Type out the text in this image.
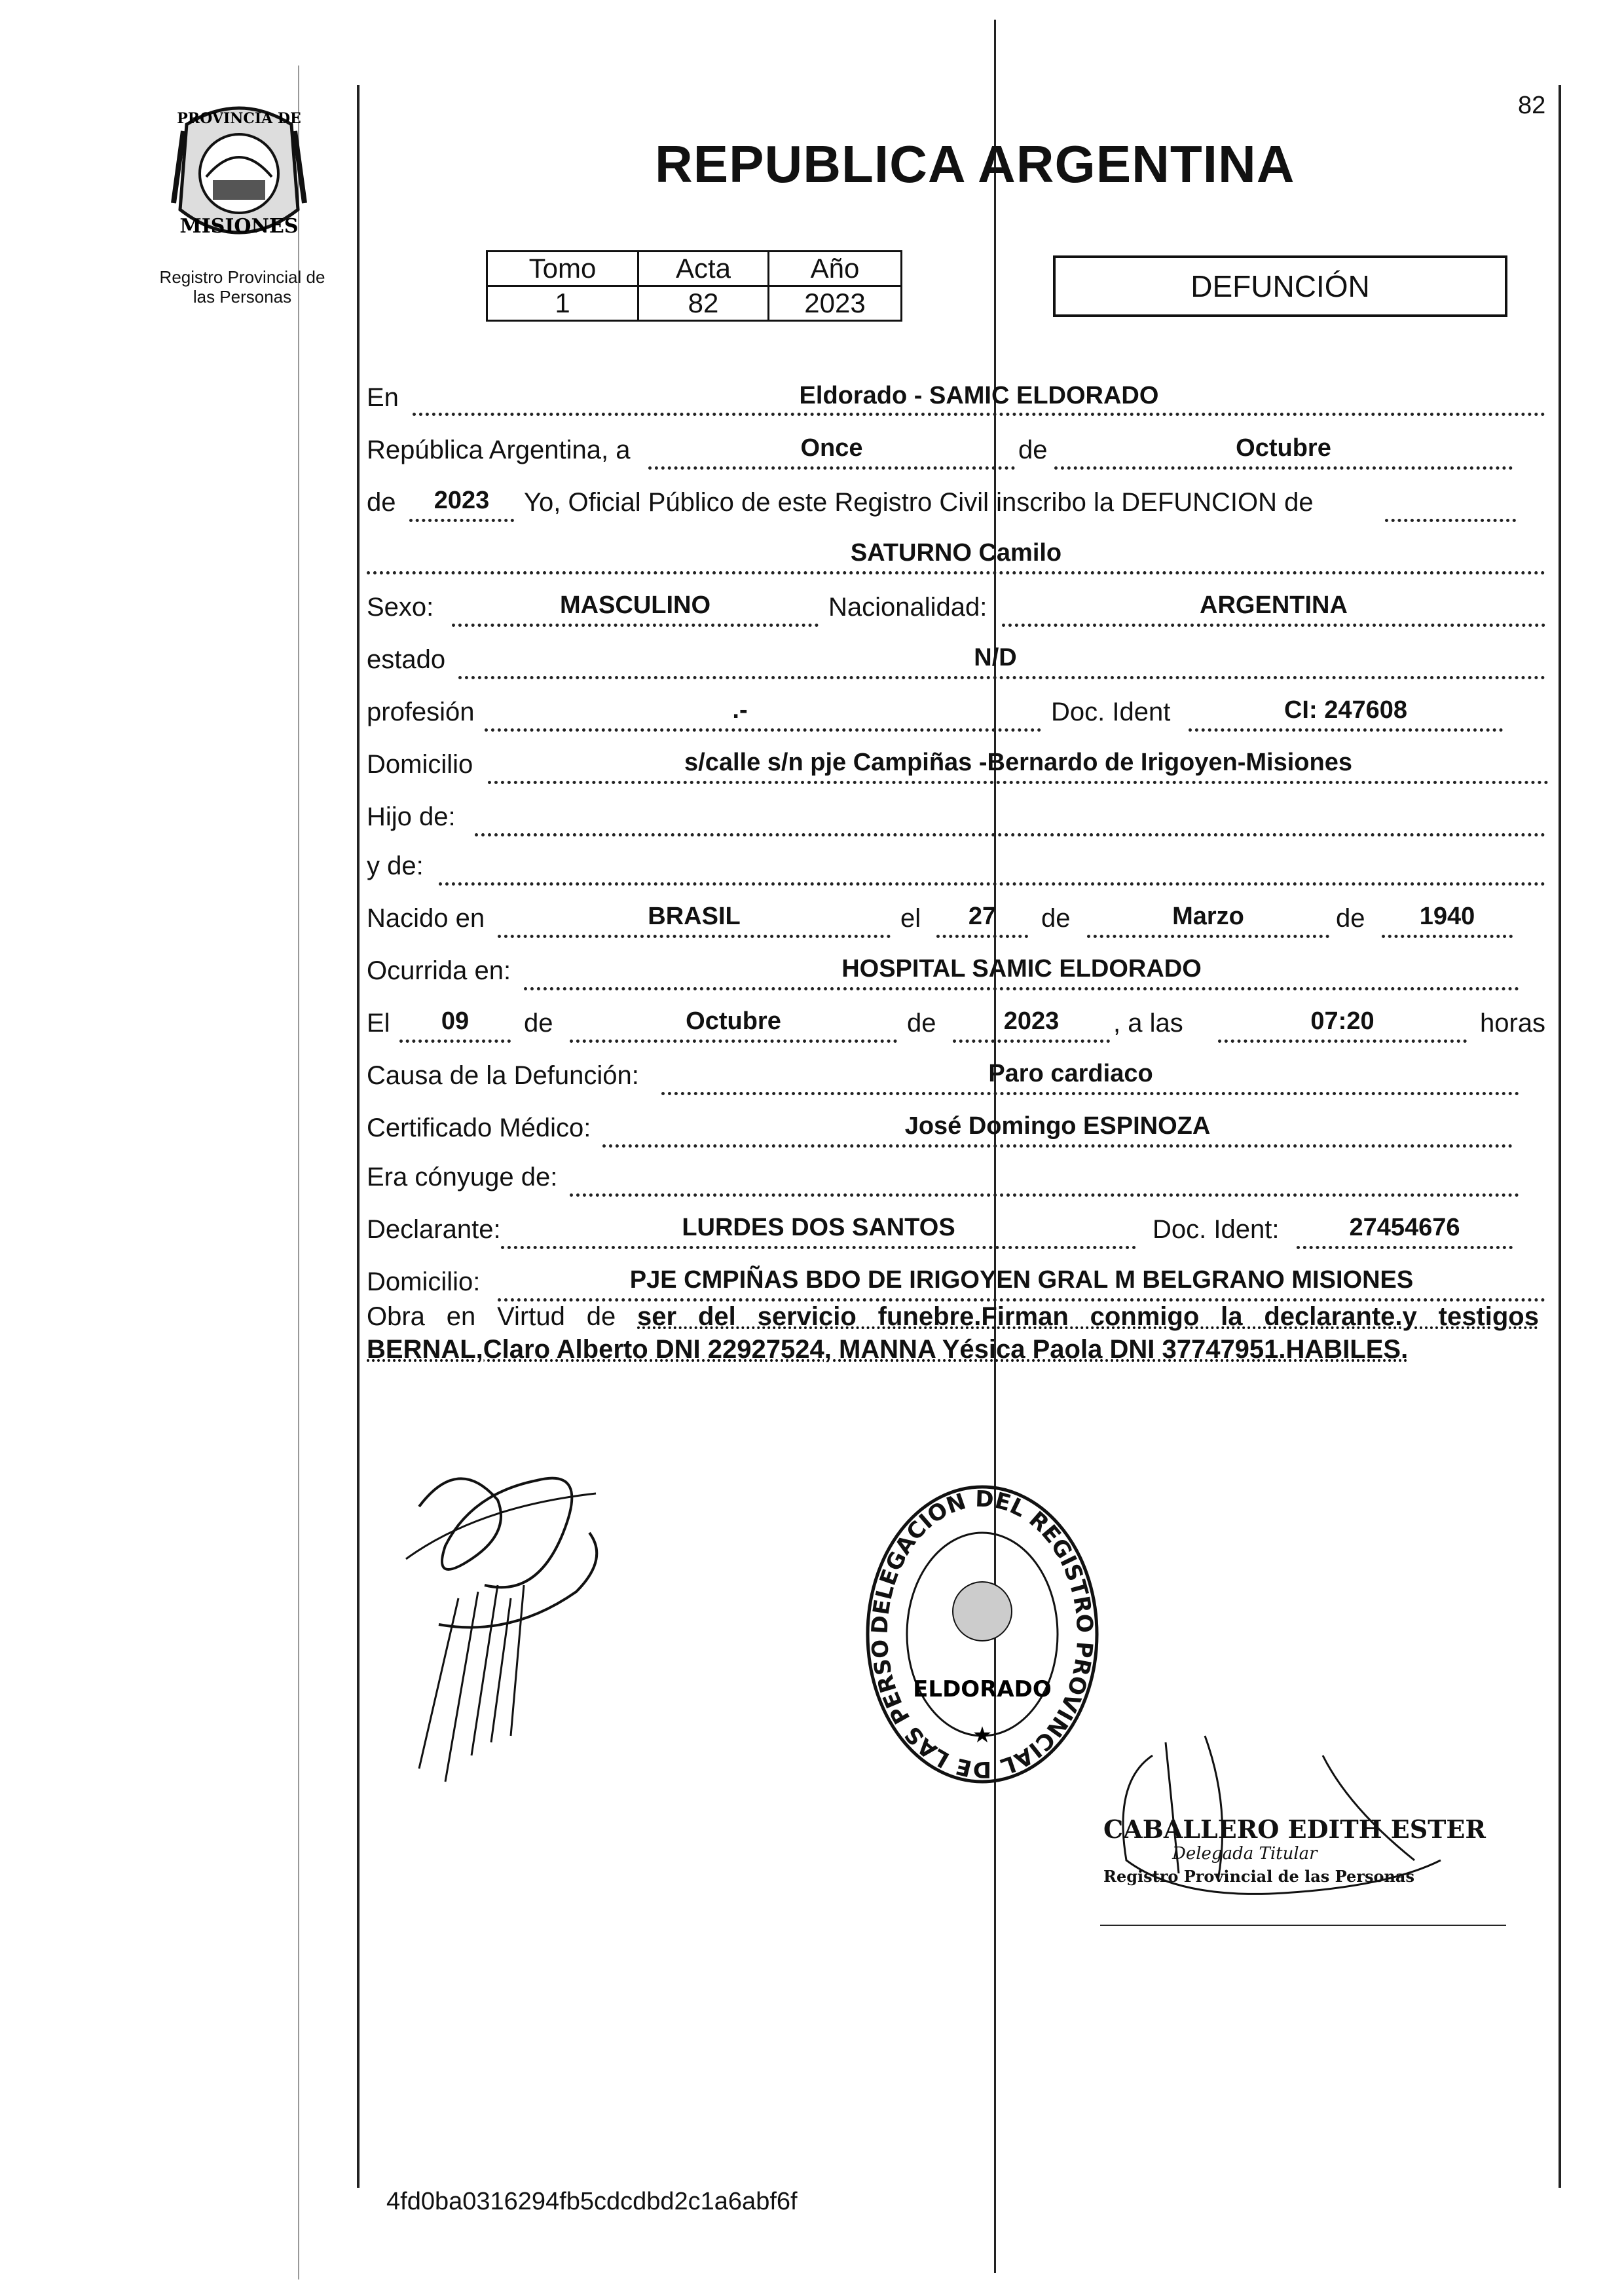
PROVINCIA DE
MISIONES
Registro Provincial de
las Personas
82
REPUBLICA ARGENTINA
Tomo	Acta	Año
1	82	2023	DEFUNCIÓN
En	Eldorado - SAMIC ELDORADO
República Argentina, a	Once	de	Octubre
de	2023	Yo, Oficial Público de este Registro Civil inscribo la DEFUNCION de
SATURNO Camilo
Sexo:	MASCULINO	Nacionalidad:	ARGENTINA
estado	N/D
profesión	.-	Doc. Ident	CI: 247608
Domicilio	s/calle s/n pje Campiñas -Bernardo de Irigoyen-Misiones
Hijo de:
y de:
Nacido en	BRASIL	el	27	de	Marzo	de	1940
Ocurrida en:	HOSPITAL SAMIC ELDORADO
El	09	de	Octubre	de	2023	, a las	07:20	horas
Causa de la Defunción:	Paro cardiaco
Certificado Médico:	José Domingo ESPINOZA
Era cónyuge de:
Declarante:	LURDES DOS SANTOS	Doc. Ident:	27454676
Domicilio:	PJE CMPIÑAS BDO DE IRIGOYEN GRAL M BELGRANO MISIONES
Obra en Virtud de ser del servicio funebre.Firman conmigo la declarante.y testigos BERNAL,Claro Alberto DNI 22927524, MANNA Yésica Paola DNI 37747951.HABILES.
DELEGACION DEL REGISTRO PROVINCIAL DE LAS PERSO
ELDORADO
★
CABALLERO EDITH ESTER
Delegada Titular
Registro Provincial de las Personas
4fd0ba0316294fb5cdcdbd2c1a6abf6f
